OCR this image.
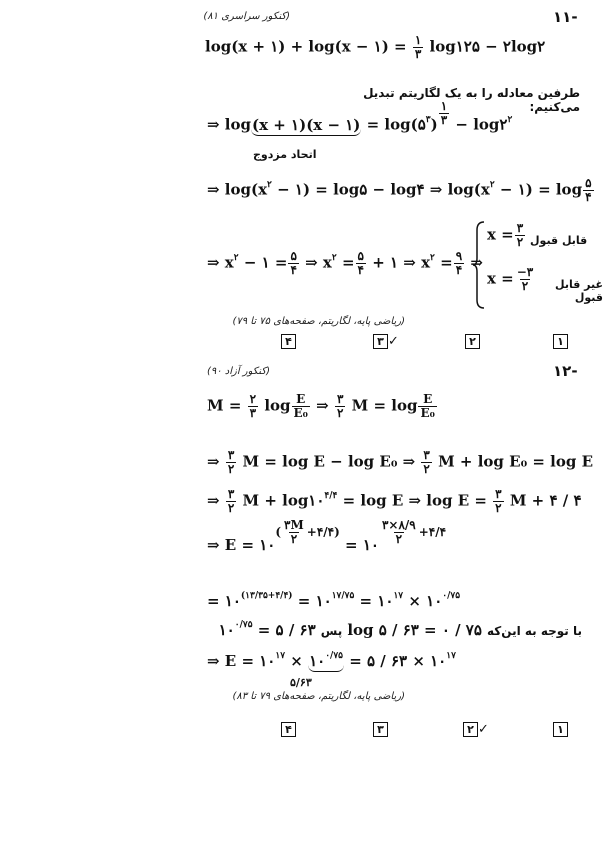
-۱۱
(کنکور سراسری ۸۱)
log(x + ۱) + log(x − ۱) = $\frac{۱}{۳}$ log۱۲۵ − ۲log۲
طرفین معادله را به یک لگاریتم تبدیل می‌کنیم:
⇒ log(x + ۱)(x − ۱) = $\log(۵^۳) \frac{۱}{۳}$ − $\log ۲^۲$
اتحاد مزدوج
⇒ $\log(x^۲$ − ۱) = log۵ − log۴ ⇒ $\log(x^۲$ − ۱) = $\log \frac{۵}{۴}$
⇒ $x^۲$ − ۱ = $\frac{۵}{۴}$ ⇒ $x^۲ = \frac{۵}{۴}$ + ۱ ⇒ $x^۲ = \frac{۹}{۴}$ ⇒
$x = \frac{۳}{۲}$ قابل قبول
$x = \frac{-۳}{۲}$	غیر قابل قبول
(ریاضی پایه، لگاریتم، صفحه‌های ۷۵ تا ۷۹)
۴	۳ ✓	۲	۱
-۱۲
(کنکور آزاد ۹۰)
$M = \frac{۲}{۳}$ $\log \frac{E}{\text{E₀}}$ ⇒ $\frac{۳}{۲}$ $M = \log \frac{E}{\text{E₀}}$
⇒ $\frac{۳}{۲}$ M = log E − log E₀ ⇒ $\frac{۳}{۲}$ M + log E₀ = log E
⇒ $\frac{۳}{۲}$ $M + \log ۱۰^{۴/۴} = \log E$ ⇒ $\log E = \frac{۳}{۲}$ M + ۴ / ۴
⇒ $E = ۱۰^{( \frac{۳M}{۲} +۴/۴)}$ = ۱۰ $^{\frac{۳\times ۸/۹}{۲} +۴/۴}$
= $۱۰^{(۱۳/۳۵+۴/۴)}$ = $۱۰^{۱۷/۷۵}$ = $۱۰^{۱۷}$ × $۱۰^{۰/۷۵}$
با توجه به این‌که log ۵ / ۶۳ = ۰ / ۷۵ پس $۱۰^{۰/۷۵}$ = ۵ / ۶۳
⇒ $E = ۱۰^{۱۷}$ × $۱۰^{۰/۷۵}$ = ۵ / ۶۳ × $۱۰^{۱۷}$
۵/۶۳
(ریاضی پایه، لگاریتم، صفحه‌های ۷۹ تا ۸۳)
۴	۳	۲ ✓	۱
